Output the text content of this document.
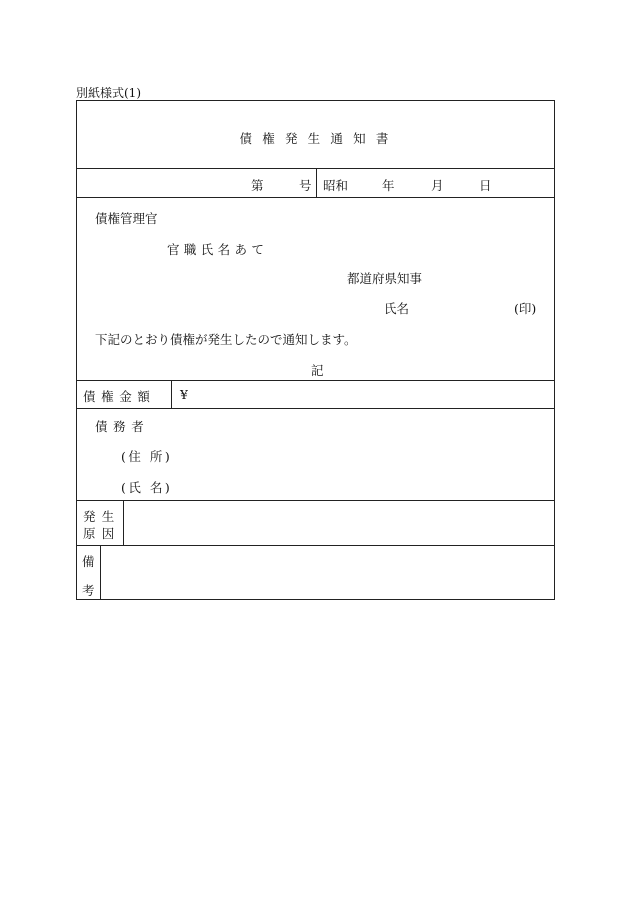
別紙様式(1)
債 権 発 生 通 知 書
第	号 昭和	年	月	日
債権管理官
官職氏名あて
都道府県知事
氏名	(印)
下記のとおり債権が発生したので通知します。
記
債権金額 ¥
債務者
(住 所)
(氏 名)
発生
原因
備
考
